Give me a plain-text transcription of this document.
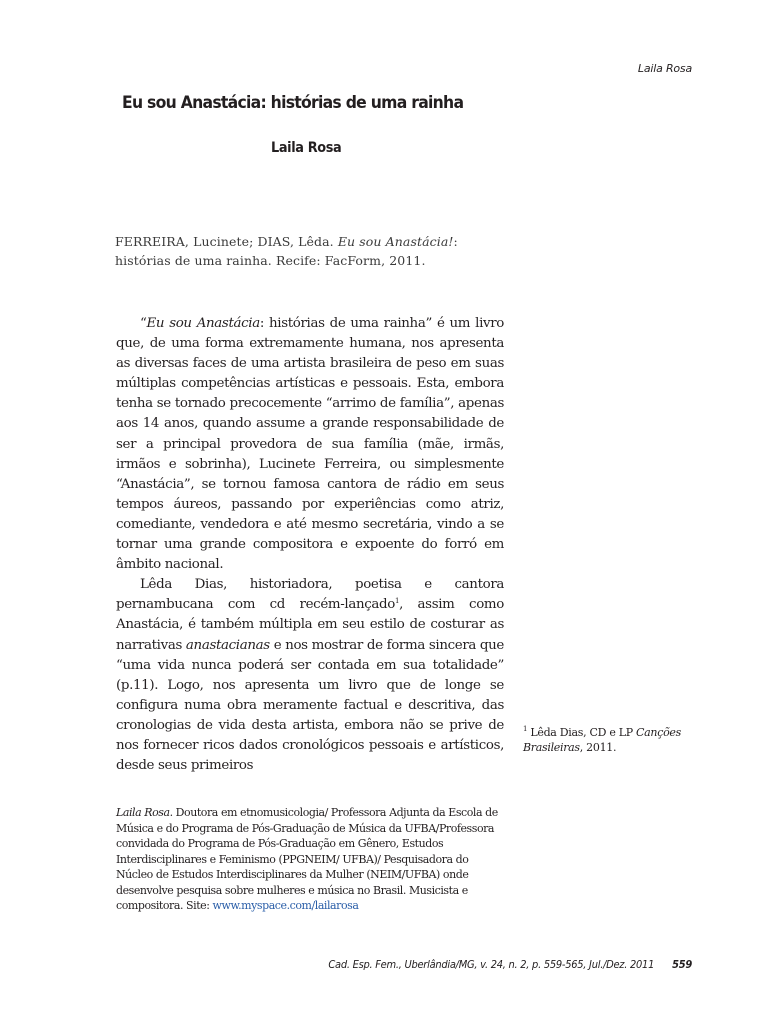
Laila Rosa
Eu sou Anastácia: histórias de uma rainha
Laila Rosa
FERREIRA, Lucinete; DIAS, Lêda. Eu sou Anastácia!: histórias de uma rainha. Recife: FacForm, 2011.

“Eu sou Anastácia: histórias de uma rainha” é um livro que, de uma forma extremamente humana, nos apresenta as diversas faces de uma artista brasileira de peso em suas múltiplas competências artísticas e pessoais. Esta, embora tenha se tornado precocemente “arrimo de família”, apenas aos 14 anos, quando assume a grande responsabilidade de ser a principal provedora de sua família (mãe, irmãs, irmãos e sobrinha), Lucinete Ferreira, ou simplesmente “Anastácia”, se tornou famosa cantora de rádio em seus tempos áureos, passando por experiências como atriz, comediante, vendedora e até mesmo secretária, vindo a se tornar uma grande compositora e expoente do forró em âmbito nacional.

Lêda Dias, historiadora, poetisa e cantora pernambucana com cd recém-lançado$^1$, assim como Anastácia, é também múltipla em seu estilo de costurar as narrativas anastacianas e nos mostrar de forma sincera que “uma vida nunca poderá ser contada em sua totalidade” (p.11). Logo, nos apresenta um livro que de longe se configura numa obra meramente factual e descritiva, das cronologias de vida desta artista, embora não se prive de nos fornecer ricos dados cronológicos pessoais e artísticos, desde seus primeiros

$^1$ Lêda Dias, CD e LP Canções Brasileiras, 2011.
Laila Rosa. Doutora em etnomusicologia/ Professora Adjunta da Escola de Música e do Programa de Pós-Graduação de Música da UFBA/Professora convidada do Programa de Pós-Graduação em Gênero, Estudos Interdisciplinares e Feminismo (PPGNEIM/ UFBA)/ Pesquisadora do Núcleo de Estudos Interdisciplinares da Mulher (NEIM/UFBA) onde desenvolve pesquisa sobre mulheres e música no Brasil. Musicista e compositora. Site: www.myspace.com/lailarosa
Cad. Esp. Fem., Uberlândia/MG, v. 24, n. 2, p. 559-565, Jul./Dez. 2011 559
